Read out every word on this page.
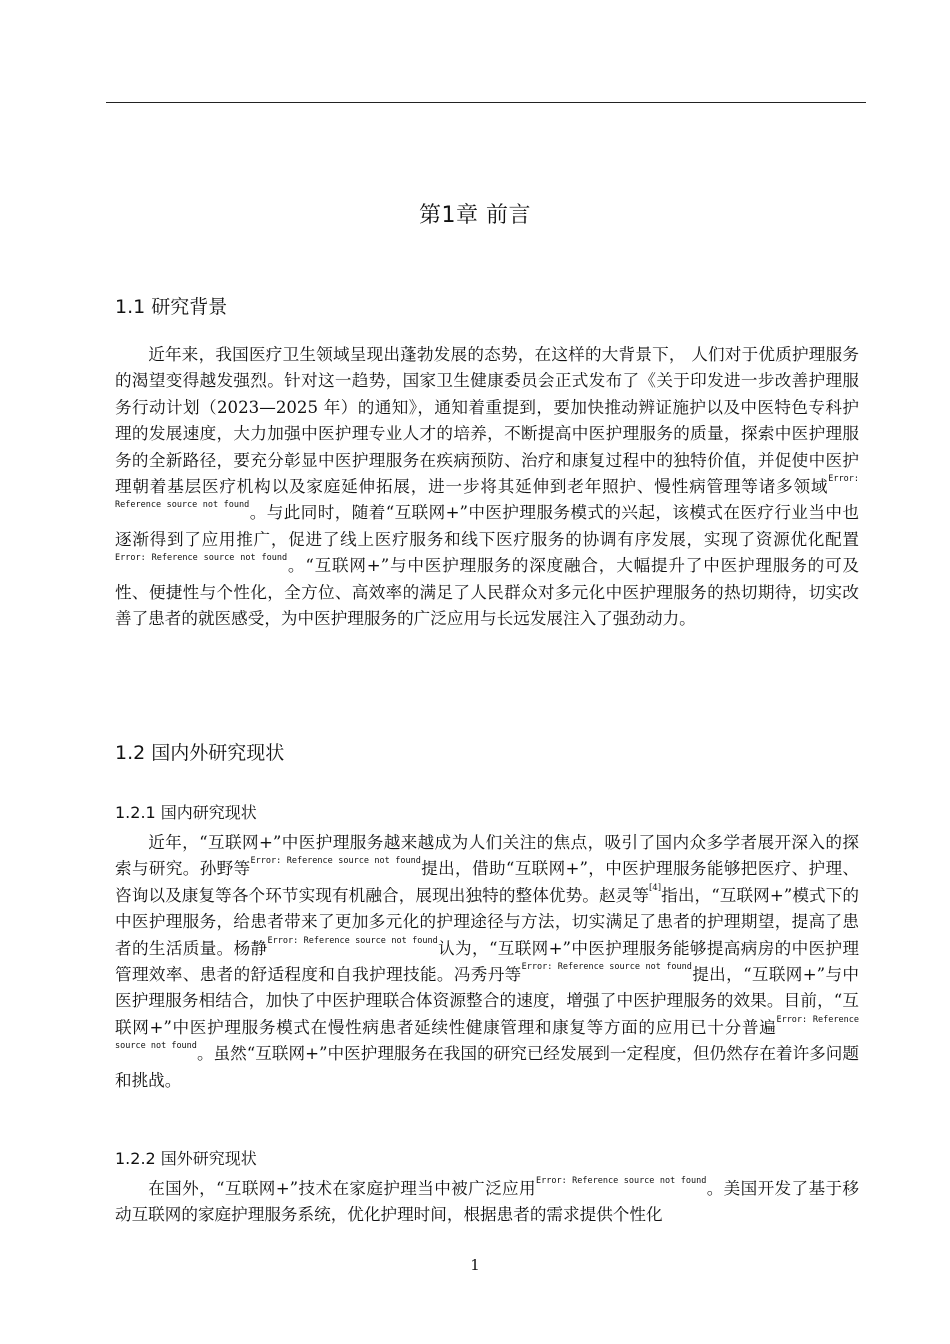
第1章 前言
1.1 研究背景

近年来，我国医疗卫生领域呈现出蓬勃发展的态势，在这样的大背景下， 人们对于优质护理服务的渴望变得越发强烈。针对这一趋势，国家卫生健康委员会正式发布了《关于印发进一步改善护理服务行动计划（2023—2025 年）的通知》，通知着重提到，要加快推动辨证施护以及中医特色专科护理的发展速度，大力加强中医护理专业人才的培养，不断提高中医护理服务的质量，探索中医护理服务的全新路径，要充分彰显中医护理服务在疾病预防、治疗和康复过程中的独特价值，并促使中医护理朝着基层医疗机构以及家庭延伸拓展，进一步将其延伸到老年照护、慢性病管理等诸多领域$^{Error: Reference source not found}$。与此同时，随着“互联网+”中医护理服务模式的兴起，该模式在医疗行业当中也逐渐得到了应用推广，促进了线上医疗服务和线下医疗服务的协调有序发展，实现了资源优化配置$^{Error: Reference source not found}$。“互联网+”与中医护理服务的深度融合，大幅提升了中医护理服务的可及性、便捷性与个性化，全方位、高效率的满足了人民群众对多元化中医护理服务的热切期待，切实改善了患者的就医感受，为中医护理服务的广泛应用与长远发展注入了强劲动力。

1.2 国内外研究现状
1.2.1 国内研究现状

近年，“互联网+”中医护理服务越来越成为人们关注的焦点，吸引了国内众多学者展开深入的探索与研究。孙野等$^{Error: Reference source not found}$提出，借助“互联网+”，中医护理服务能够把医疗、护理、咨询以及康复等各个环节实现有机融合，展现出独特的整体优势。赵灵等[4]指出，“互联网+”模式下的中医护理服务，给患者带来了更加多元化的护理途径与方法，切实满足了患者的护理期望，提高了患者的生活质量。杨静$^{Error: Reference source not found}$认为，“互联网+”中医护理服务能够提高病房的中医护理管理效率、患者的舒适程度和自我护理技能。冯秀丹等$^{Error: Reference source not found}$提出，“互联网+”与中医护理服务相结合，加快了中医护理联合体资源整合的速度，增强了中医护理服务的效果。目前，“互联网+”中医护理服务模式在慢性病患者延续性健康管理和康复等方面的应用已十分普遍$^{Error: Reference source not found}$。虽然“互联网+”中医护理服务在我国的研究已经发展到一定程度，但仍然存在着许多问题和挑战。

1.2.2 国外研究现状

在国外，“互联网+”技术在家庭护理当中被广泛应用$^{Error: Reference source not found}$。美国开发了基于移动互联网的家庭护理服务系统，优化护理时间，根据患者的需求提供个性化

1
